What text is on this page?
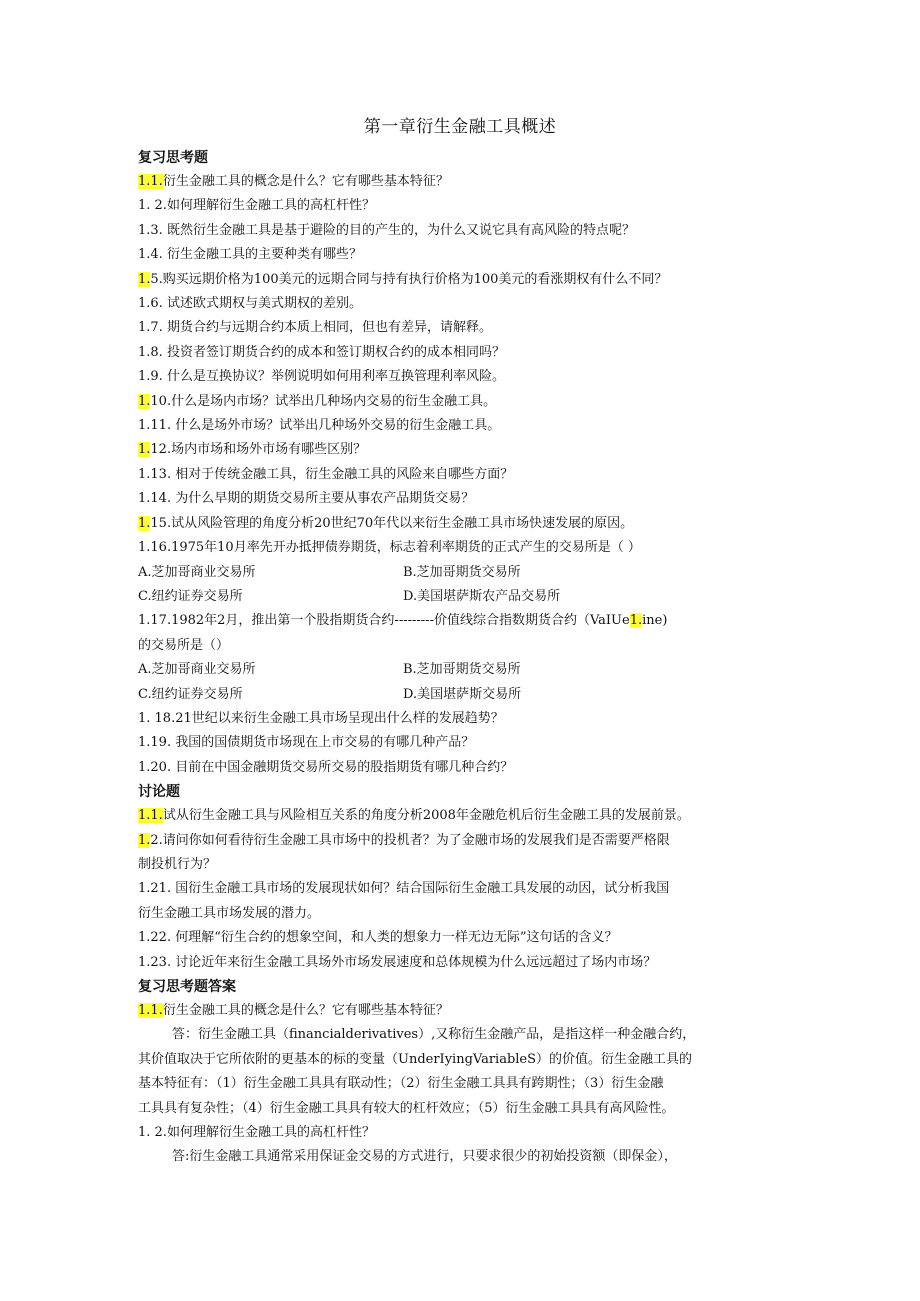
第一章衍生金融工具概述
复习思考题
1.1.衍生金融工具的概念是什么？它有哪些基本特征？
1. 2.如何理解衍生金融工具的高杠杆性？
1.3. 既然衍生金融工具是基于避险的目的产生的，为什么又说它具有高风险的特点呢？
1.4. 衍生金融工具的主要种类有哪些？
1.5.购买远期价格为100美元的远期合同与持有执行价格为100美元的看涨期权有什么不同？
1.6. 试述欧式期权与美式期权的差别。
1.7. 期货合约与远期合约本质上相同，但也有差异，请解释。
1.8. 投资者签订期货合约的成本和签订期权合约的成本相同吗？
1.9. 什么是互换协议？举例说明如何用利率互换管理利率风险。
1.10.什么是场内市场？试举出几种场内交易的衍生金融工具。
1.11. 什么是场外市场？试举出几种场外交易的衍生金融工具。
1.12.场内市场和场外市场有哪些区别？
1.13. 相对于传统金融工具，衍生金融工具的风险来自哪些方面？
1.14. 为什么早期的期货交易所主要从事农产品期货交易？
1.15.试从风险管理的角度分析20世纪70年代以来衍生金融工具市场快速发展的原因。
1.16.1975年10月率先开办抵押债券期货，标志着利率期货的正式产生的交易所是（ ）
A.芝加哥商业交易所	B.芝加哥期货交易所
C.纽约证券交易所	D.美国堪萨斯农产品交易所
1.17.1982年2月，推出第一个股指期货合约---------价值线综合指数期货合约（VaIUe1.ine)
的交易所是（）
A.芝加哥商业交易所	B.芝加哥期货交易所
C.纽约证券交易所	D.美国堪萨斯交易所
1. 18.21世纪以来衍生金融工具市场呈现出什么样的发展趋势？
1.19. 我国的国债期货市场现在上市交易的有哪几种产品？
1.20. 目前在中国金融期货交易所交易的股指期货有哪几种合约？
讨论题
1.1.试从衍生金融工具与风险相互关系的角度分析2008年金融危机后衍生金融工具的发展前景。
1.2.请问你如何看待衍生金融工具市场中的投机者？为了金融市场的发展我们是否需要严格限
制投机行为？
1.21. 国衍生金融工具市场的发展现状如何？结合国际衍生金融工具发展的动因，试分析我国
衍生金融工具市场发展的潜力。
1.22. 何理解“衍生合约的想象空间，和人类的想象力一样无边无际”这句话的含义？
1.23. 讨论近年来衍生金融工具场外市场发展速度和总体规模为什么远远超过了场内市场？
复习思考题答案
1.1.衍生金融工具的概念是什么？它有哪些基本特征？
答：衍生金融工具（financialderivatives）,又称衍生金融产品，是指这样一种金融合约，
其价值取决于它所依附的更基本的标的变量（UnderIyingVariableS）的价值。衍生金融工具的
基本特征有：（1）衍生金融工具具有联动性；（2）衍生金融工具具有跨期性；（3）衍生金融
工具具有复杂性；（4）衍生金融工具具有较大的杠杆效应；（5）衍生金融工具具有高风险性。
1. 2.如何理解衍生金融工具的高杠杆性？
答:衍生金融工具通常采用保证金交易的方式进行，只要求很少的初始投资额（即保金），
